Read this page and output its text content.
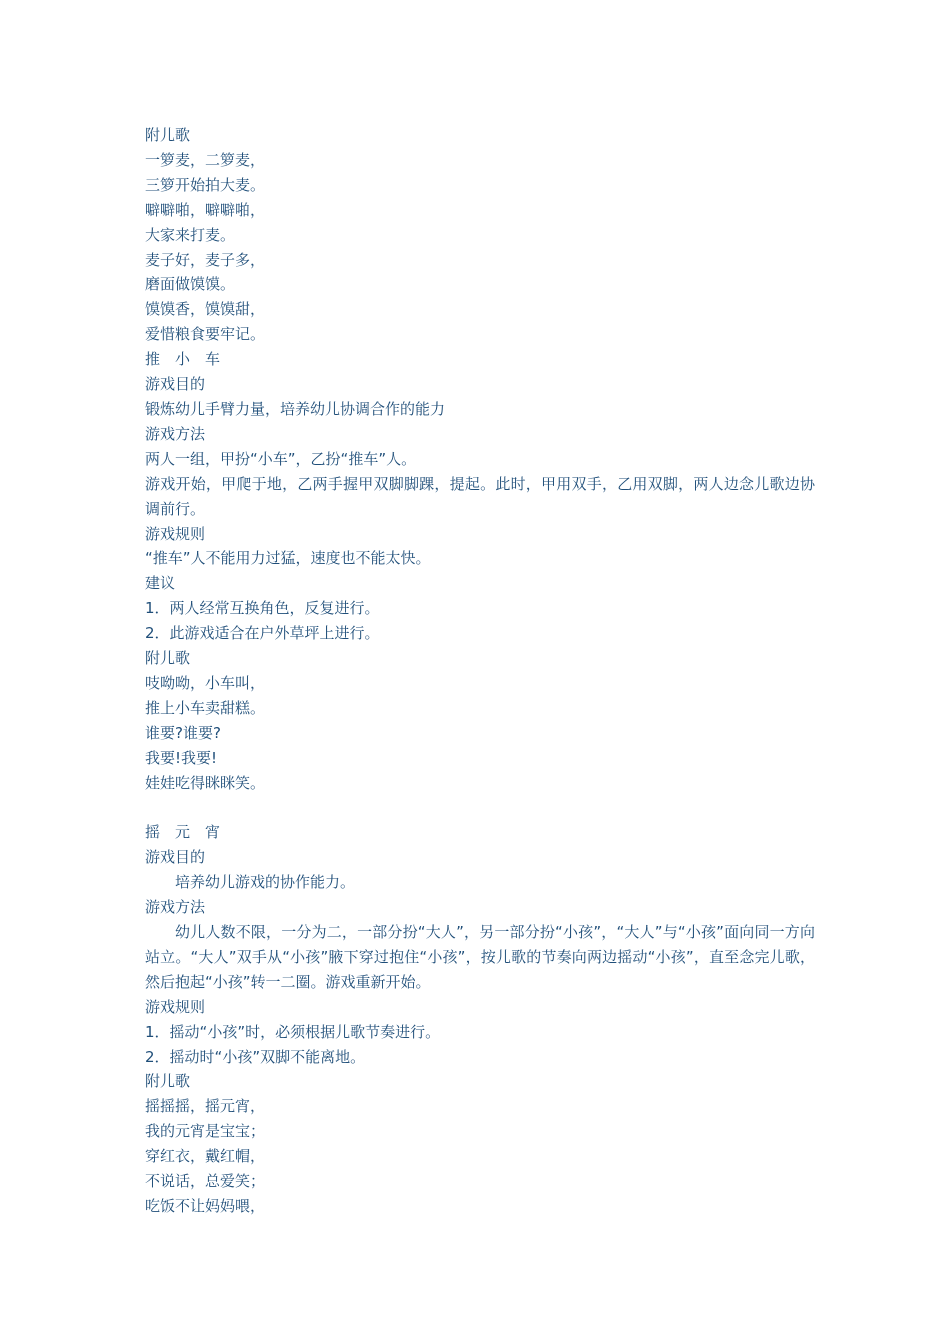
附儿歌

一箩麦，二箩麦，

三箩开始拍大麦。

噼噼啪，噼噼啪，

大家来打麦。

麦子好，麦子多，

磨面做馍馍。

馍馍香，馍馍甜，

爱惜粮食要牢记。

推　小　车

游戏目的

锻炼幼儿手臂力量，培养幼儿协调合作的能力

游戏方法

两人一组，甲扮“小车”，乙扮“推车”人。

游戏开始，甲爬于地，乙两手握甲双脚脚踝，提起。此时，甲用双手，乙用双脚，两人边念儿歌边协调前行。

游戏规则

“推车”人不能用力过猛，速度也不能太快。

建议

1．两人经常互换角色，反复进行。

2．此游戏适合在户外草坪上进行。

附儿歌

吱呦呦，小车叫，

推上小车卖甜糕。

谁要?谁要?

我要!我要!

娃娃吃得眯眯笑。

摇　元　宵

游戏目的

培养幼儿游戏的协作能力。

游戏方法

幼儿人数不限，一分为二，一部分扮“大人”，另一部分扮“小孩”，“大人”与“小孩”面向同一方向站立。“大人”双手从“小孩”腋下穿过抱住“小孩”，按儿歌的节奏向两边摇动“小孩”，直至念完儿歌，然后抱起“小孩”转一二圈。游戏重新开始。

游戏规则

1．摇动“小孩”时，必须根据儿歌节奏进行。

2．摇动时“小孩”双脚不能离地。

附儿歌

摇摇摇，摇元宵，

我的元宵是宝宝；

穿红衣，戴红帽，

不说话，总爱笑；

吃饭不让妈妈喂，
